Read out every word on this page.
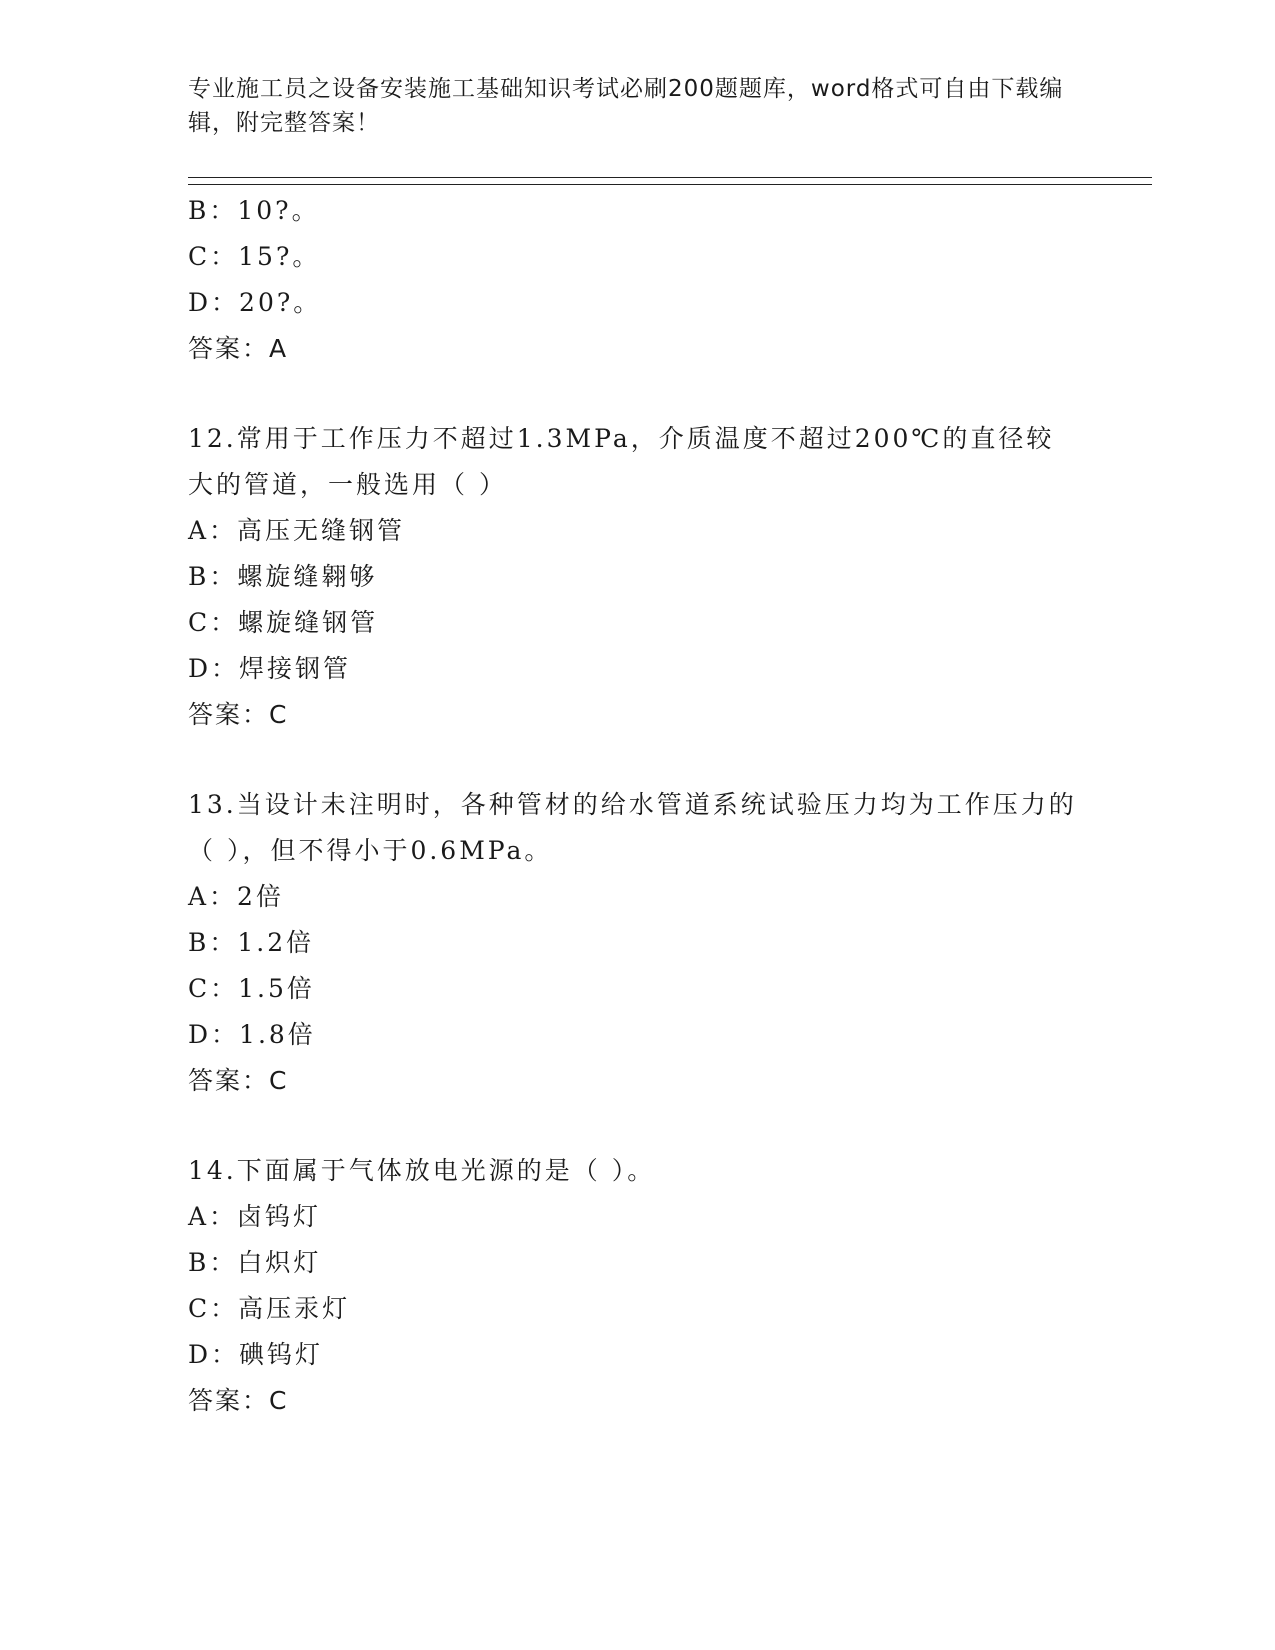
专业施工员之设备安装施工基础知识考试必刷200题题库，word格式可自由下载编辑，附完整答案！
B：10?。
C：15?。
D：20?。
答案：A
12.常用于工作压力不超过1.3MPa，介质温度不超过200℃的直径较大的管道，一般选用（ ）
A：高压无缝钢管
B：螺旋缝翱够
C：螺旋缝钢管
D：焊接钢管
答案：C
13.当设计未注明时，各种管材的给水管道系统试验压力均为工作压力的（ ），但不得小于0.6MPa。
A：2倍
B：1.2倍
C：1.5倍
D：1.8倍
答案：C
14.下面属于气体放电光源的是（ ）。
A：卤钨灯
B：白炽灯
C：高压汞灯
D：碘钨灯
答案：C
